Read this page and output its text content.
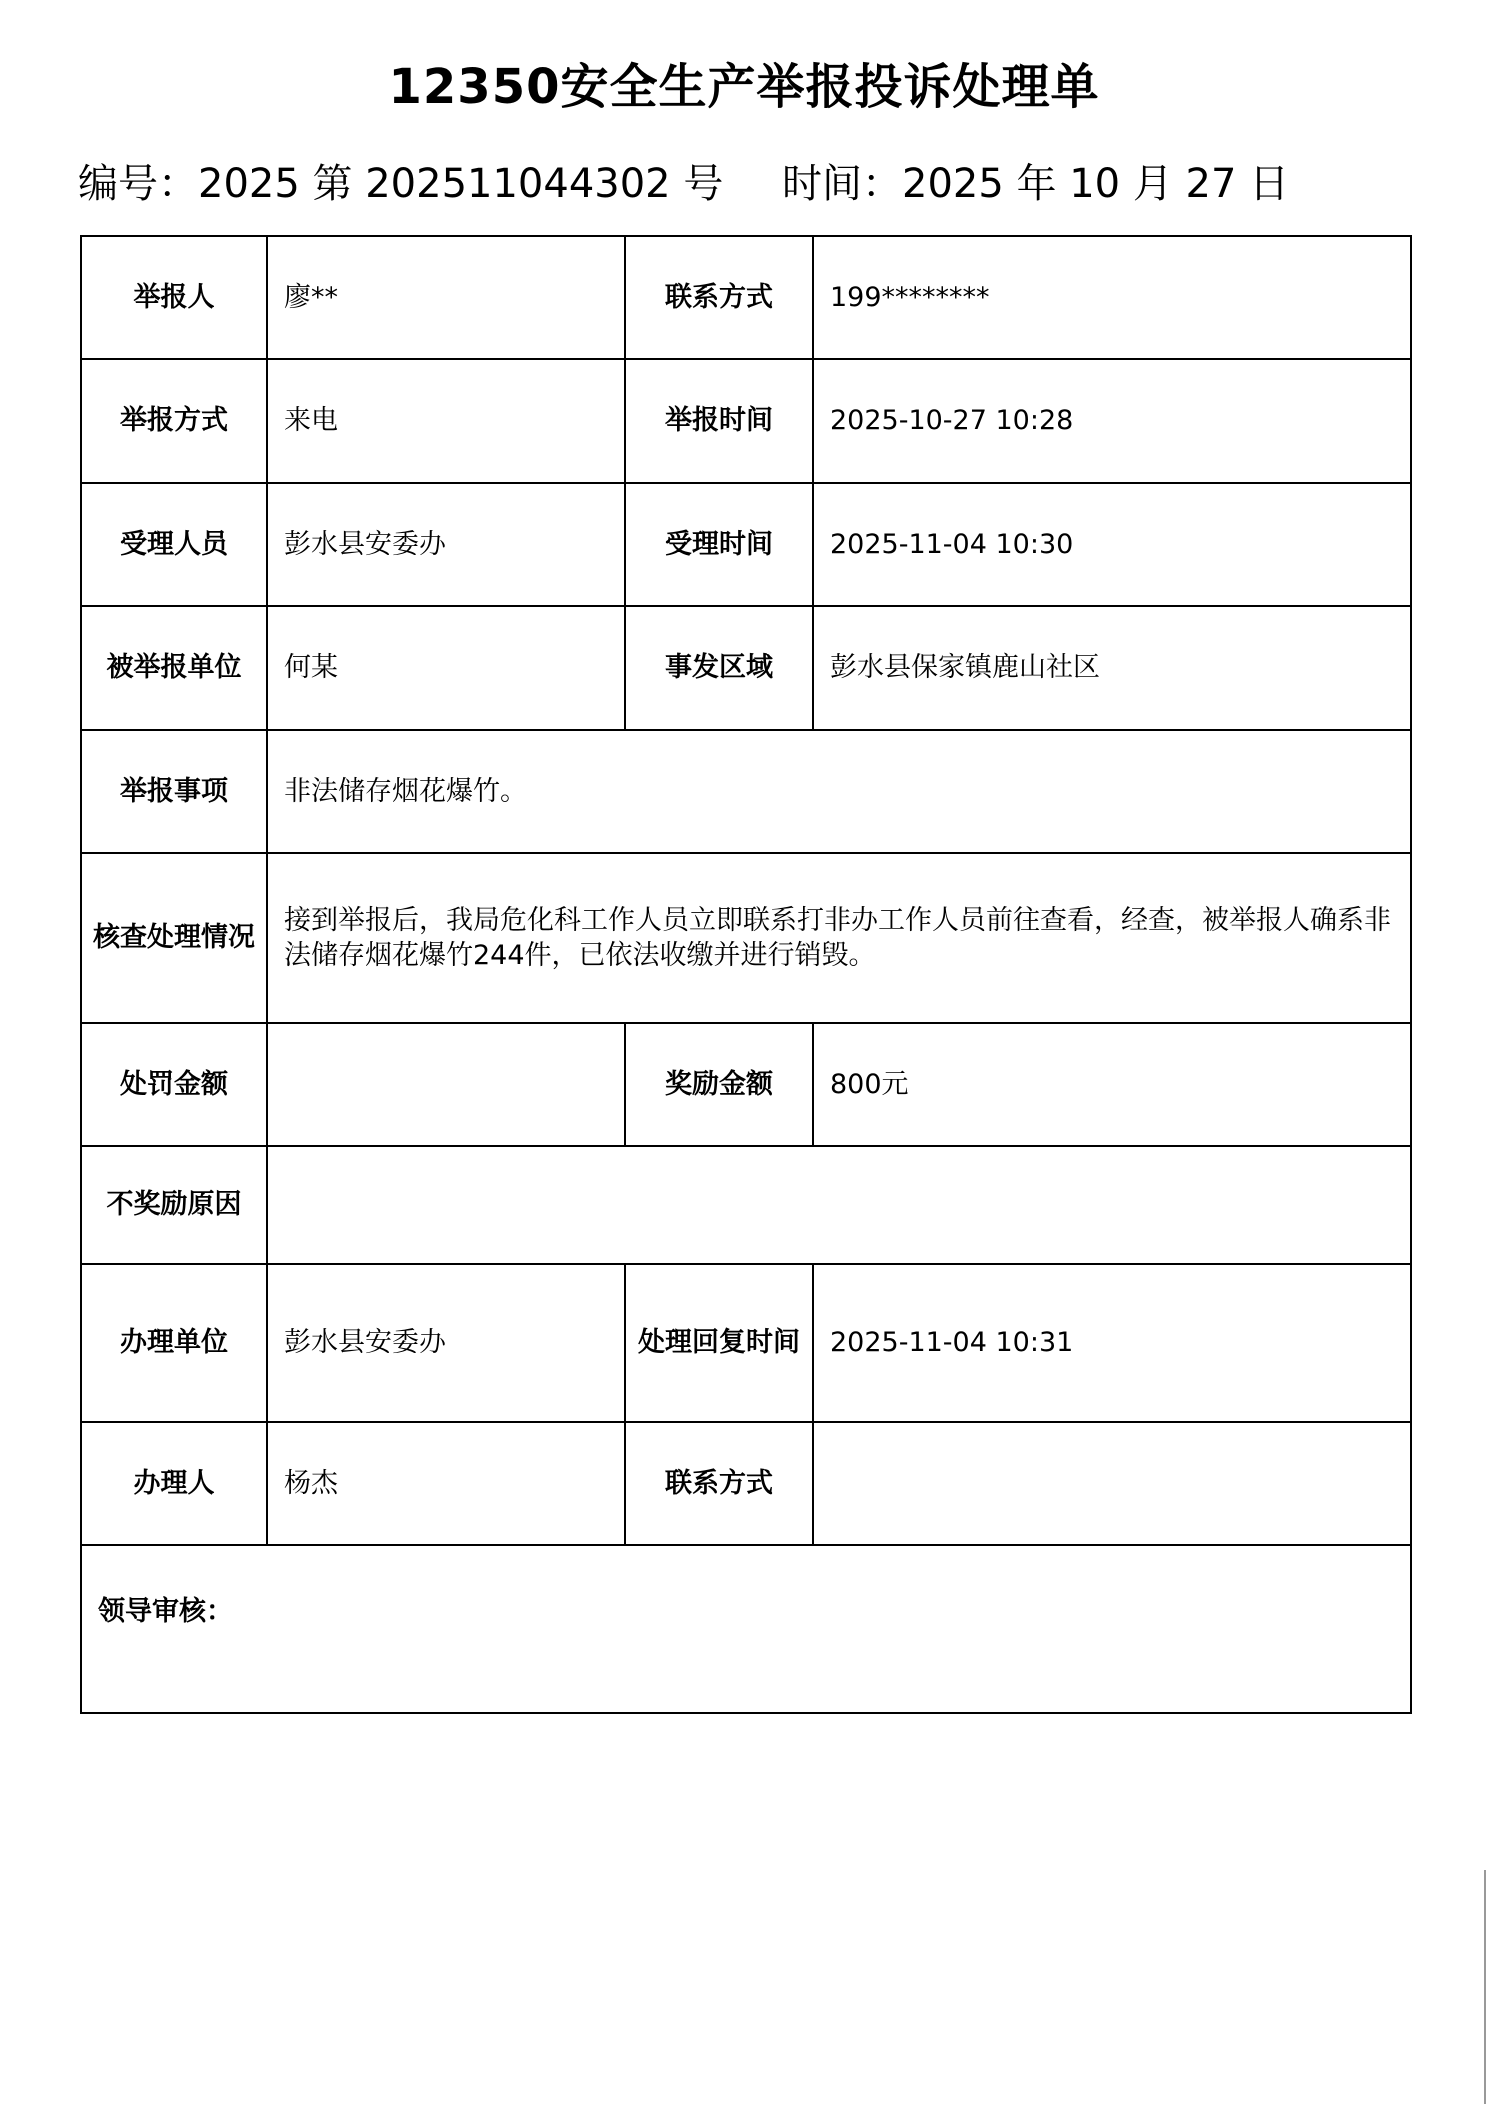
12350安全生产举报投诉处理单
编号：2025 第 202511044302 号 时间：2025 年 10 月 27 日
举报人	廖**	联系方式	199********
举报方式	来电	举报时间	2025-10-27 10:28
受理人员	彭水县安委办	受理时间	2025-11-04 10:30
被举报单位	何某	事发区域	彭水县保家镇鹿山社区
举报事项	非法储存烟花爆竹。		
核查处理情况	接到举报后，我局危化科工作人员立即联系打非办工作人员前往查看，经查，被举报人确系非法储存烟花爆竹244件，已依法收缴并进行销毁。		
处罚金额		奖励金额	800元
不奖励原因			
办理单位	彭水县安委办	处理回复时间	2025-11-04 10:31
办理人	杨杰	联系方式	
领导审核：			
